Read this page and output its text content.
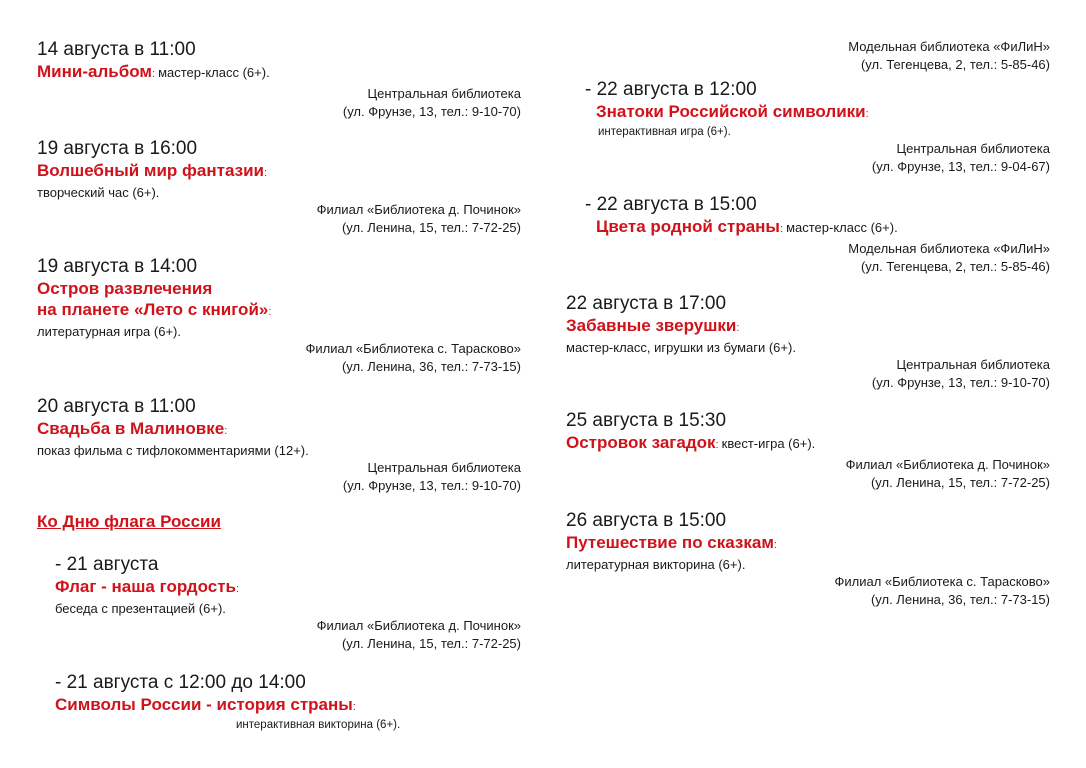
14 августа в 11:00
Мини-альбом: мастер-класс (6+).
Центральная библиотека
(ул. Фрунзе, 13, тел.: 9-10-70)
19 августа в 16:00
Волшебный мир фантазии:
творческий час (6+).
Филиал «Библиотека д. Починок»
(ул. Ленина, 15, тел.: 7-72-25)
19 августа в 14:00
Остров развлечения
на планете «Лето с книгой»:
литературная игра (6+).
Филиал «Библиотека с. Тарасково»
(ул. Ленина, 36, тел.: 7-73-15)
20 августа в 11:00
Свадьба в Малиновке:
показ фильма с тифлокомментариями (12+).
Центральная библиотека
(ул. Фрунзе, 13, тел.: 9-10-70)
Ко Дню флага России
- 21 августа
Флаг - наша гордость:
беседа с презентацией (6+).
Филиал «Библиотека д. Починок»
(ул. Ленина, 15, тел.: 7-72-25)
- 21 августа с 12:00 до 14:00
Символы России - история страны:
интерактивная викторина (6+).
Модельная библиотека «ФиЛиН»
(ул. Тегенцева, 2, тел.: 5-85-46)
- 22 августа в 12:00
Знатоки Российской символики:
интерактивная игра (6+).
Центральная библиотека
(ул. Фрунзе, 13, тел.: 9-04-67)
- 22 августа в 15:00
Цвета родной страны: мастер-класс (6+).
Модельная библиотека «ФиЛиН»
(ул. Тегенцева, 2, тел.: 5-85-46)
22 августа в 17:00
Забавные зверушки:
мастер-класс, игрушки из бумаги (6+).
Центральная библиотека
(ул. Фрунзе, 13, тел.: 9-10-70)
25 августа в 15:30
Островок загадок: квест-игра (6+).
Филиал «Библиотека д. Починок»
(ул. Ленина, 15, тел.: 7-72-25)
26 августа в 15:00
Путешествие по сказкам:
литературная викторина (6+).
Филиал «Библиотека с. Тарасково»
(ул. Ленина, 36, тел.: 7-73-15)
